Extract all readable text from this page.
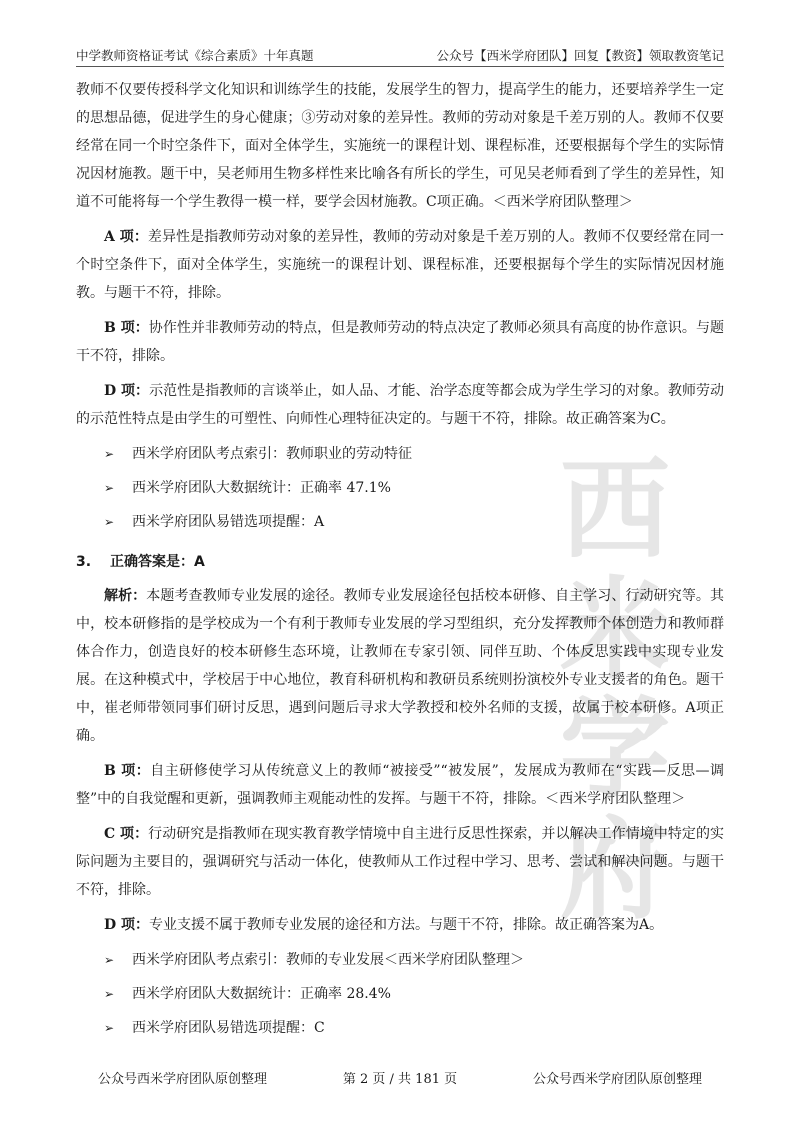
中学教师资格证考试《综合素质》十年真题	公众号【西米学府团队】回复【教资】领取教资笔记
西米
学府

教师不仅要传授科学文化知识和训练学生的技能，发展学生的智力，提高学生的能力，还要培养学生一定的思想品德，促进学生的身心健康；③劳动对象的差异性。教师的劳动对象是千差万别的人。教师不仅要经常在同一个时空条件下，面对全体学生，实施统一的课程计划、课程标准，还要根据每个学生的实际情况因材施教。题干中，吴老师用生物多样性来比喻各有所长的学生，可见吴老师看到了学生的差异性，知道不可能将每一个学生教得一模一样，要学会因材施教。C项正确。＜西米学府团队整理＞

A 项：差异性是指教师劳动对象的差异性，教师的劳动对象是千差万别的人。教师不仅要经常在同一个时空条件下，面对全体学生，实施统一的课程计划、课程标准，还要根据每个学生的实际情况因材施教。与题干不符，排除。

B 项：协作性并非教师劳动的特点，但是教师劳动的特点决定了教师必须具有高度的协作意识。与题干不符，排除。

D 项：示范性是指教师的言谈举止，如人品、才能、治学态度等都会成为学生学习的对象。教师劳动的示范性特点是由学生的可塑性、向师性心理特征决定的。与题干不符，排除。故正确答案为C。

➢ 西米学府团队考点索引：教师职业的劳动特征
➢ 西米学府团队大数据统计：正确率 47.1%
➢ 西米学府团队易错选项提醒：A
3. 正确答案是：A

解析：本题考查教师专业发展的途径。教师专业发展途径包括校本研修、自主学习、行动研究等。其中，校本研修指的是学校成为一个有利于教师专业发展的学习型组织，充分发挥教师个体创造力和教师群体合作力，创造良好的校本研修生态环境，让教师在专家引领、同伴互助、个体反思实践中实现专业发展。在这种模式中，学校居于中心地位，教育科研机构和教研员系统则扮演校外专业支援者的角色。题干中，崔老师带领同事们研讨反思，遇到问题后寻求大学教授和校外名师的支援，故属于校本研修。A项正确。

B 项：自主研修使学习从传统意义上的教师“被接受”“被发展”，发展成为教师在“实践—反思—调整”中的自我觉醒和更新，强调教师主观能动性的发挥。与题干不符，排除。＜西米学府团队整理＞

C 项：行动研究是指教师在现实教育教学情境中自主进行反思性探索，并以解决工作情境中特定的实际问题为主要目的，强调研究与活动一体化，使教师从工作过程中学习、思考、尝试和解决问题。与题干不符，排除。

D 项：专业支援不属于教师专业发展的途径和方法。与题干不符，排除。故正确答案为A。

➢ 西米学府团队考点索引：教师的专业发展＜西米学府团队整理＞
➢ 西米学府团队大数据统计：正确率 28.4%
➢ 西米学府团队易错选项提醒：C
公众号西米学府团队原创整理	第 2 页 / 共 181 页	公众号西米学府团队原创整理
